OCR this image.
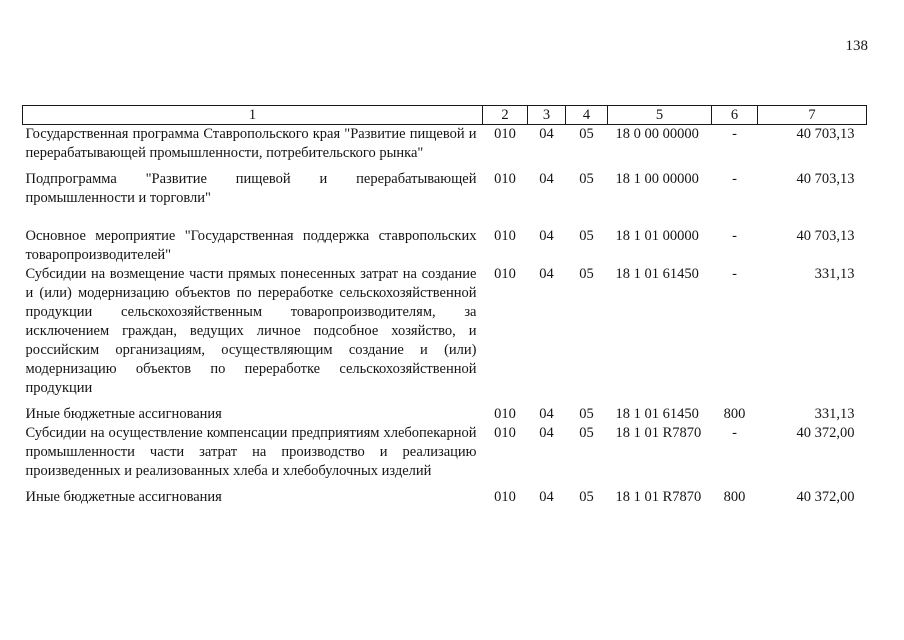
138
1	2	3	4	5	6	7
Государственная программа Ставропольского края "Развитие пищевой и перерабатывающей промышленности, потребительского рынка"	010	04	05	18 0 00 00000	-	40 703,13
Подпрограмма "Развитие пищевой и перерабатывающей промышленности и торговли"	010	04	05	18 1 00 00000	-	40 703,13
Основное мероприятие "Государственная поддержка ставропольских товаропроизводителей"	010	04	05	18 1 01 00000	-	40 703,13
Субсидии на возмещение части прямых понесенных затрат на создание и (или) модернизацию объектов по переработке сельскохозяйственной продукции сельскохозяйственным товаропроизводителям, за исключением граждан, ведущих личное подсобное хозяйство, и российским организациям, осуществляющим создание и (или) модернизацию объектов по переработке сельскохозяйственной продукции	010	04	05	18 1 01 61450	-	331,13
Иные бюджетные ассигнования	010	04	05	18 1 01 61450	800	331,13
Субсидии на осуществление компенсации предприятиям хлебопекарной промышленности части затрат на производство и реализацию произведенных и реализованных хлеба и хлебобулочных изделий	010	04	05	18 1 01 R7870	-	40 372,00
Иные бюджетные ассигнования	010	04	05	18 1 01 R7870	800	40 372,00
